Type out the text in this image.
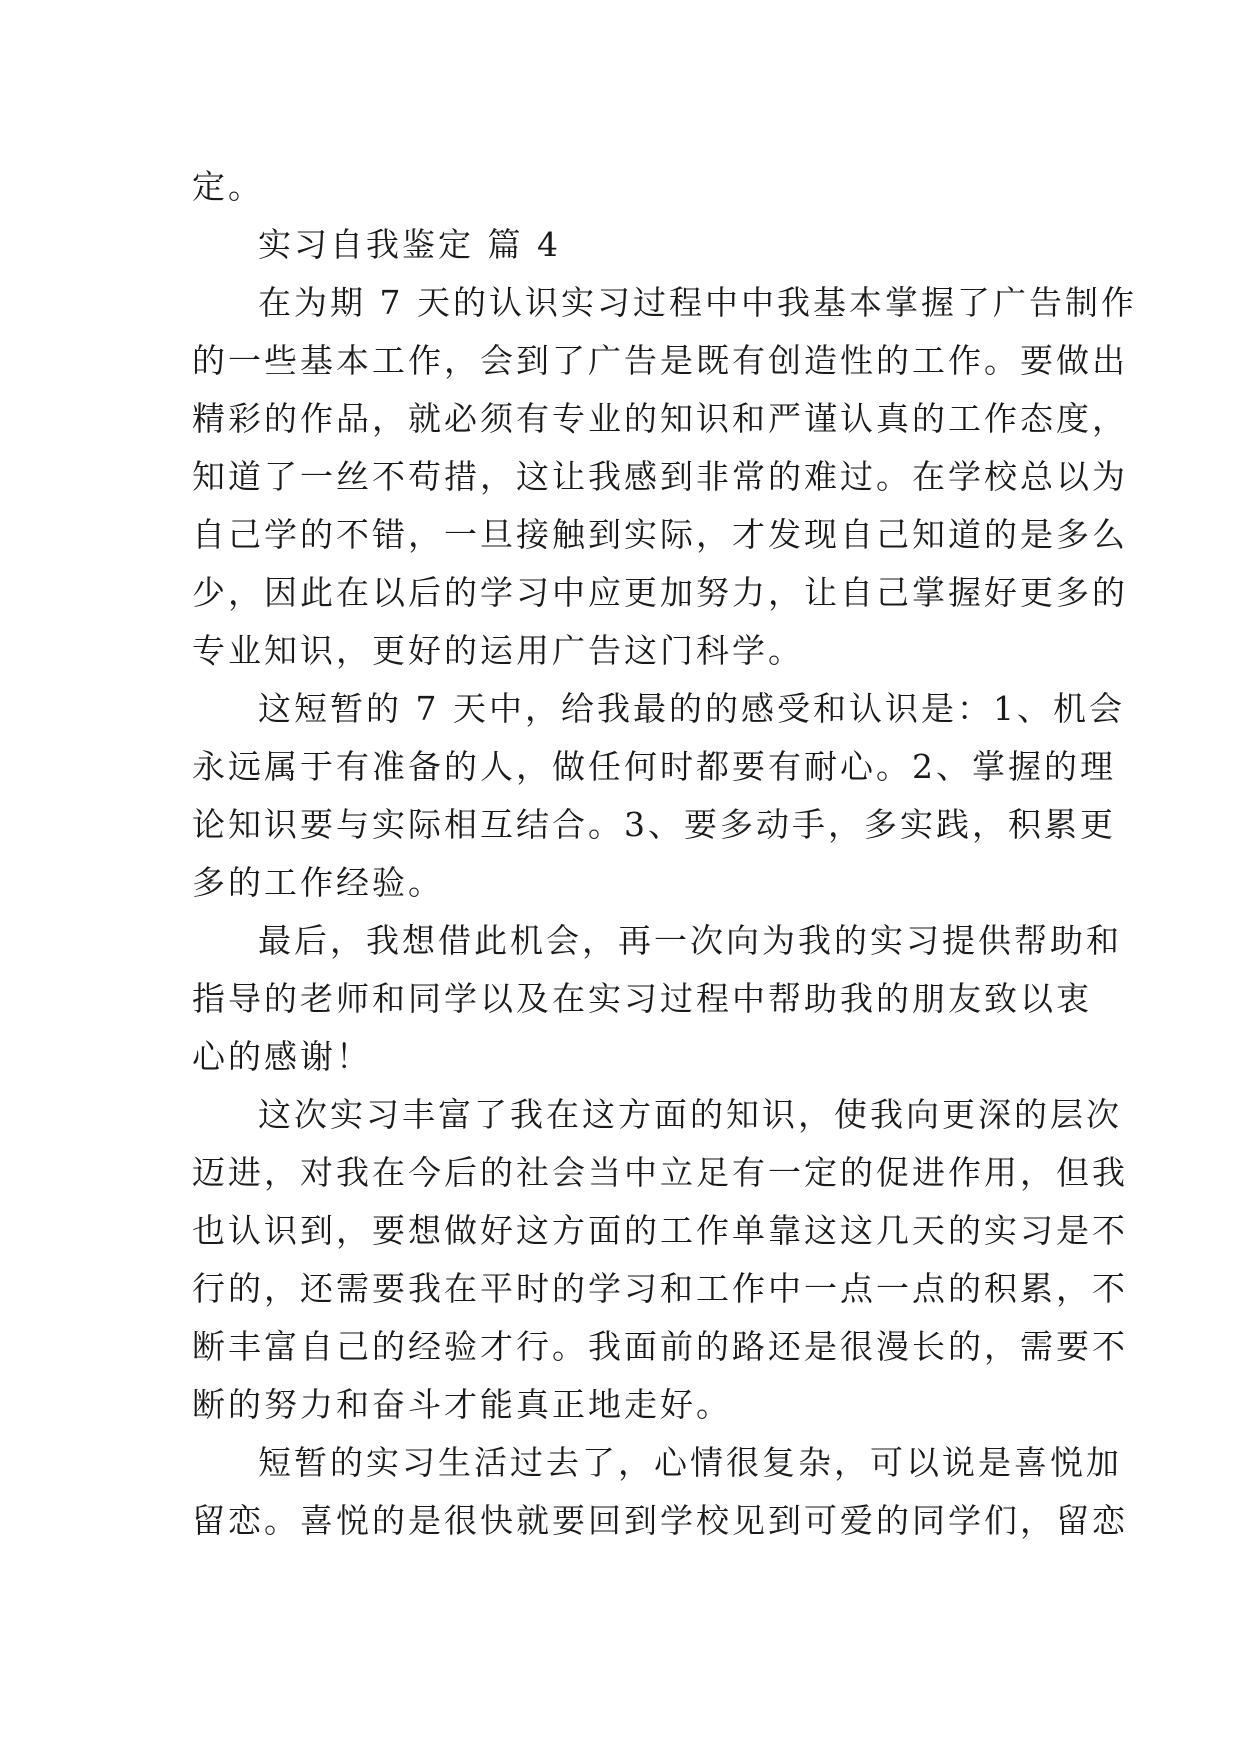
定。
实习自我鉴定 篇 4
在为期 7 天的认识实习过程中中我基本掌握了广告制作
的一些基本工作，会到了广告是既有创造性的工作。要做出
精彩的作品，就必须有专业的知识和严谨认真的工作态度，
知道了一丝不苟措，这让我感到非常的难过。在学校总以为
自己学的不错，一旦接触到实际，才发现自己知道的是多么
少，因此在以后的学习中应更加努力，让自己掌握好更多的
专业知识，更好的运用广告这门科学。
这短暂的 7 天中，给我最的的感受和认识是：1、机会
永远属于有准备的人，做任何时都要有耐心。2、掌握的理
论知识要与实际相互结合。3、要多动手，多实践，积累更
多的工作经验。
最后，我想借此机会，再一次向为我的实习提供帮助和
指导的老师和同学以及在实习过程中帮助我的朋友致以衷
心的感谢！
这次实习丰富了我在这方面的知识，使我向更深的层次
迈进，对我在今后的社会当中立足有一定的促进作用，但我
也认识到，要想做好这方面的工作单靠这这几天的实习是不
行的，还需要我在平时的学习和工作中一点一点的积累，不
断丰富自己的经验才行。我面前的路还是很漫长的，需要不
断的努力和奋斗才能真正地走好。
短暂的实习生活过去了，心情很复杂，可以说是喜悦加
留恋。喜悦的是很快就要回到学校见到可爱的同学们，留恋
